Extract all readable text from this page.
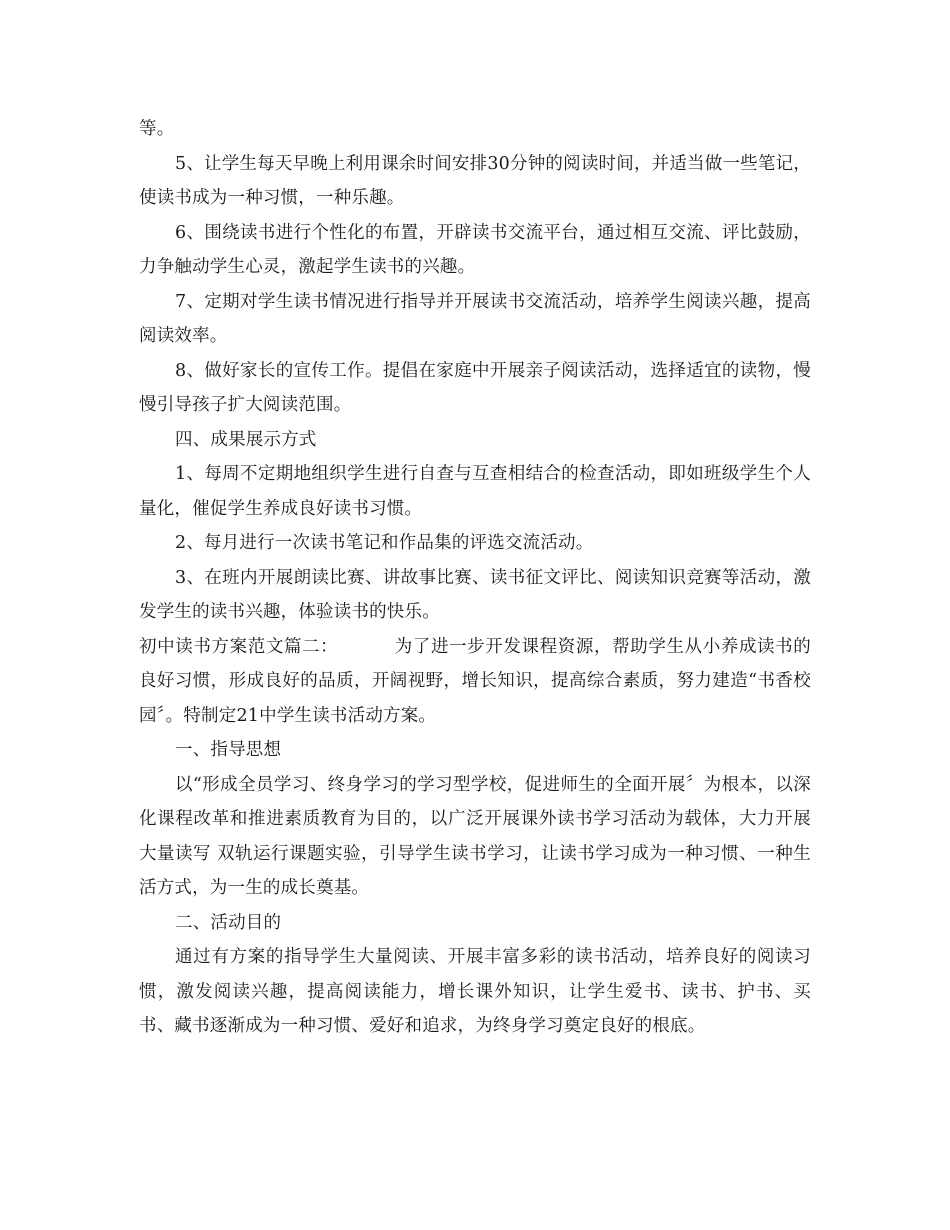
等。

5、让学生每天早晚上利用课余时间安排30分钟的阅读时间，并适当做一些笔记，使读书成为一种习惯，一种乐趣。

6、围绕读书进行个性化的布置，开辟读书交流平台，通过相互交流、评比鼓励，力争触动学生心灵，激起学生读书的兴趣。

7、定期对学生读书情况进行指导并开展读书交流活动，培养学生阅读兴趣，提高阅读效率。

8、做好家长的宣传工作。提倡在家庭中开展亲子阅读活动，选择适宜的读物，慢慢引导孩子扩大阅读范围。

四、成果展示方式

1、每周不定期地组织学生进行自查与互查相结合的检查活动，即如班级学生个人量化，催促学生养成良好读书习惯。

2、每月进行一次读书笔记和作品集的评选交流活动。

3、在班内开展朗读比赛、讲故事比赛、读书征文评比、阅读知识竞赛等活动，激发学生的读书兴趣，体验读书的快乐。

初中读书方案范文篇二：	为了进一步开发课程资源，帮助学生从小养成读书的良好习惯，形成良好的品质，开阔视野，增长知识，提高综合素质，努力建造“书香校园〞。特制定21中学生读书活动方案。

一、指导思想

以“形成全员学习、终身学习的学习型学校，促进师生的全面开展〞为根本，以深化课程改革和推进素质教育为目的，以广泛开展课外读书学习活动为载体，大力开展大量读写 双轨运行课题实验，引导学生读书学习，让读书学习成为一种习惯、一种生活方式，为一生的成长奠基。

二、活动目的

通过有方案的指导学生大量阅读、开展丰富多彩的读书活动，培养良好的阅读习惯，激发阅读兴趣，提高阅读能力，增长课外知识，让学生爱书、读书、护书、买书、藏书逐渐成为一种习惯、爱好和追求，为终身学习奠定良好的根底。
